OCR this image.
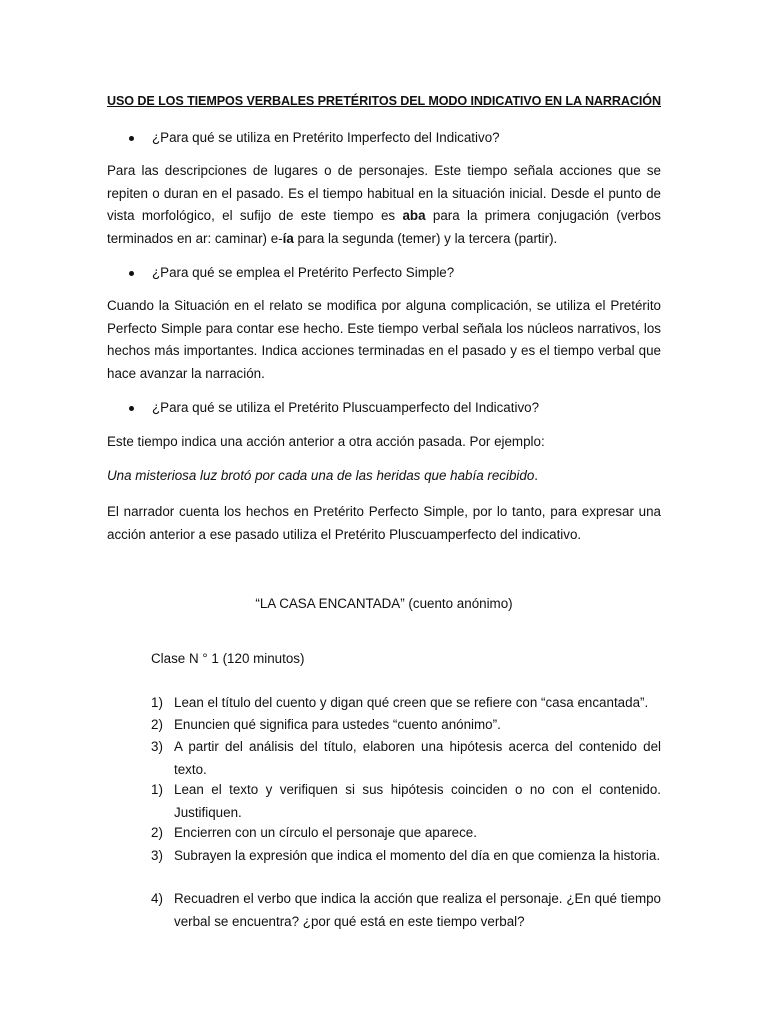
USO DE LOS TIEMPOS VERBALES PRETÉRITOS DEL MODO INDICATIVO EN LA NARRACIÓN

¿Para qué se utiliza en Pretérito Imperfecto del Indicativo?

Para las descripciones de lugares o de personajes. Este tiempo señala acciones que se repiten o duran en el pasado. Es el tiempo habitual en la situación inicial. Desde el punto de vista morfológico, el sufijo de este tiempo es aba para la primera conjugación (verbos terminados en ar: caminar) e-ía para la segunda (temer) y la tercera (partir).

¿Para qué se emplea el Pretérito Perfecto Simple?

Cuando la Situación en el relato se modifica por alguna complicación, se utiliza el Pretérito Perfecto Simple para contar ese hecho. Este tiempo verbal señala los núcleos narrativos, los hechos más importantes. Indica acciones terminadas en el pasado y es el tiempo verbal que hace avanzar la narración.

¿Para qué se utiliza el Pretérito Pluscuamperfecto del Indicativo?

Este tiempo indica una acción anterior a otra acción pasada. Por ejemplo:

Una misteriosa luz brotó por cada una de las heridas que había recibido.

El narrador cuenta los hechos en Pretérito Perfecto Simple, por lo tanto, para expresar una acción anterior a ese pasado utiliza el Pretérito Pluscuamperfecto del indicativo.

“LA CASA ENCANTADA” (cuento anónimo)

Clase N ° 1 (120 minutos)

1) Lean el título del cuento y digan qué creen que se refiere con “casa encantada”.

2) Enuncien qué significa para ustedes “cuento anónimo”.

3) A partir del análisis del título, elaboren una hipótesis acerca del contenido del texto.

1) Lean el texto y verifiquen si sus hipótesis coinciden o no con el contenido. Justifiquen.

2) Encierren con un círculo el personaje que aparece.

3) Subrayen la expresión que indica el momento del día en que comienza la historia.

4) Recuadren el verbo que indica la acción que realiza el personaje. ¿En qué tiempo verbal se encuentra? ¿por qué está en este tiempo verbal?
